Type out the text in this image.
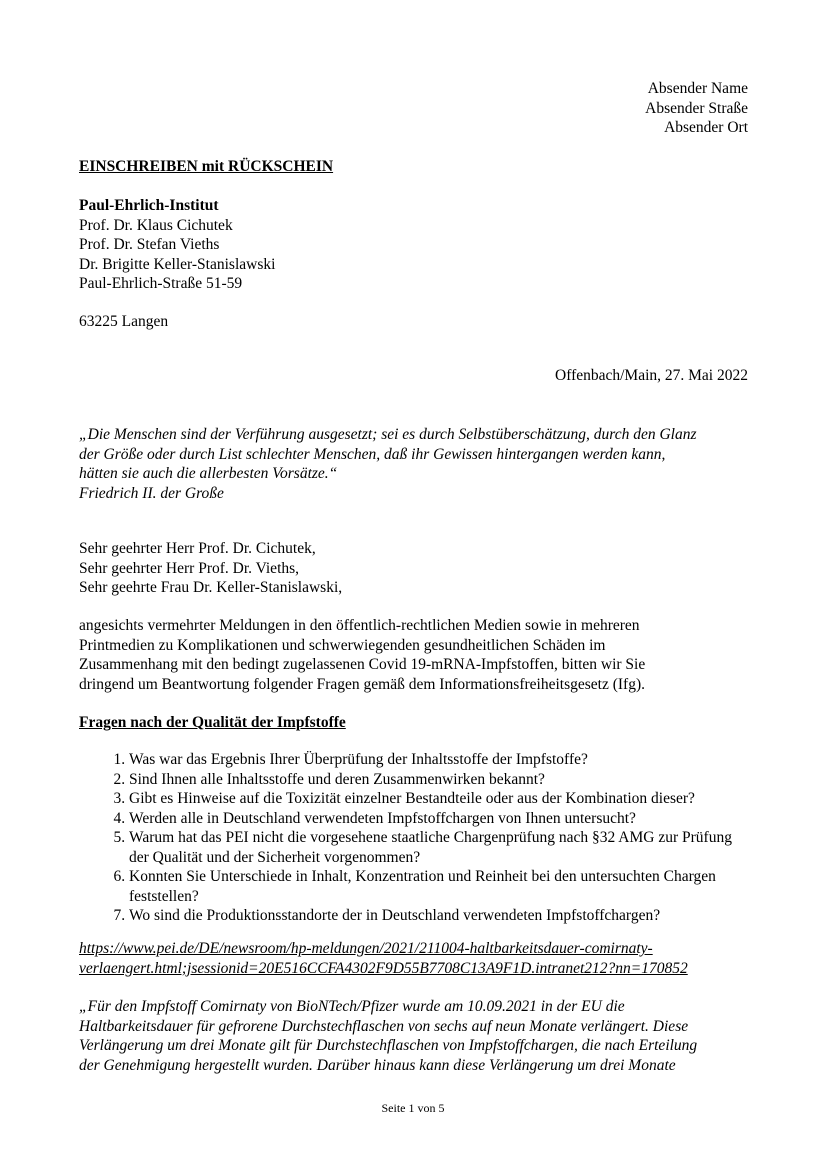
Absender Name
Absender Straße
Absender Ort
EINSCHREIBEN mit RÜCKSCHEIN
Paul-Ehrlich-Institut
Prof. Dr. Klaus Cichutek
Prof. Dr. Stefan Vieths
Dr. Brigitte Keller-Stanislawski
Paul-Ehrlich-Straße 51-59
63225 Langen
Offenbach/Main, 27. Mai 2022
„Die Menschen sind der Verführung ausgesetzt; sei es durch Selbstüberschätzung, durch den Glanz
der Größe oder durch List schlechter Menschen, daß ihr Gewissen hintergangen werden kann,
hätten sie auch die allerbesten Vorsätze.“
Friedrich II. der Große
Sehr geehrter Herr Prof. Dr. Cichutek,
Sehr geehrter Herr Prof. Dr. Vieths,
Sehr geehrte Frau Dr. Keller-Stanislawski,
angesichts vermehrter Meldungen in den öffentlich-rechtlichen Medien sowie in mehreren
Printmedien zu Komplikationen und schwerwiegenden gesundheitlichen Schäden im
Zusammenhang mit den bedingt zugelassenen Covid 19-mRNA-Impfstoffen, bitten wir Sie
dringend um Beantwortung folgender Fragen gemäß dem Informationsfreiheitsgesetz (Ifg).
Fragen nach der Qualität der Impfstoffe
1. Was war das Ergebnis Ihrer Überprüfung der Inhaltsstoffe der Impfstoffe?
2. Sind Ihnen alle Inhaltsstoffe und deren Zusammenwirken bekannt?
3. Gibt es Hinweise auf die Toxizität einzelner Bestandteile oder aus der Kombination dieser?
4. Werden alle in Deutschland verwendeten Impfstoffchargen von Ihnen untersucht?
5. Warum hat das PEI nicht die vorgesehene staatliche Chargenprüfung nach §32 AMG zur Prüfung der Qualität und der Sicherheit vorgenommen?
6. Konnten Sie Unterschiede in Inhalt, Konzentration und Reinheit bei den untersuchten Chargen feststellen?
7. Wo sind die Produktionsstandorte der in Deutschland verwendeten Impfstoffchargen?
https://www.pei.de/DE/newsroom/hp-meldungen/2021/211004-haltbarkeitsdauer-comirnaty-
verlaengert.html;jsessionid=20E516CCFA4302F9D55B7708C13A9F1D.intranet212?nn=170852
„Für den Impfstoff Comirnaty von BioNTech/Pfizer wurde am 10.09.2021 in der EU die
Haltbarkeitsdauer für gefrorene Durchstechflaschen von sechs auf neun Monate verlängert. Diese
Verlängerung um drei Monate gilt für Durchstechflaschen von Impfstoffchargen, die nach Erteilung
der Genehmigung hergestellt wurden. Darüber hinaus kann diese Verlängerung um drei Monate
Seite 1 von 5
